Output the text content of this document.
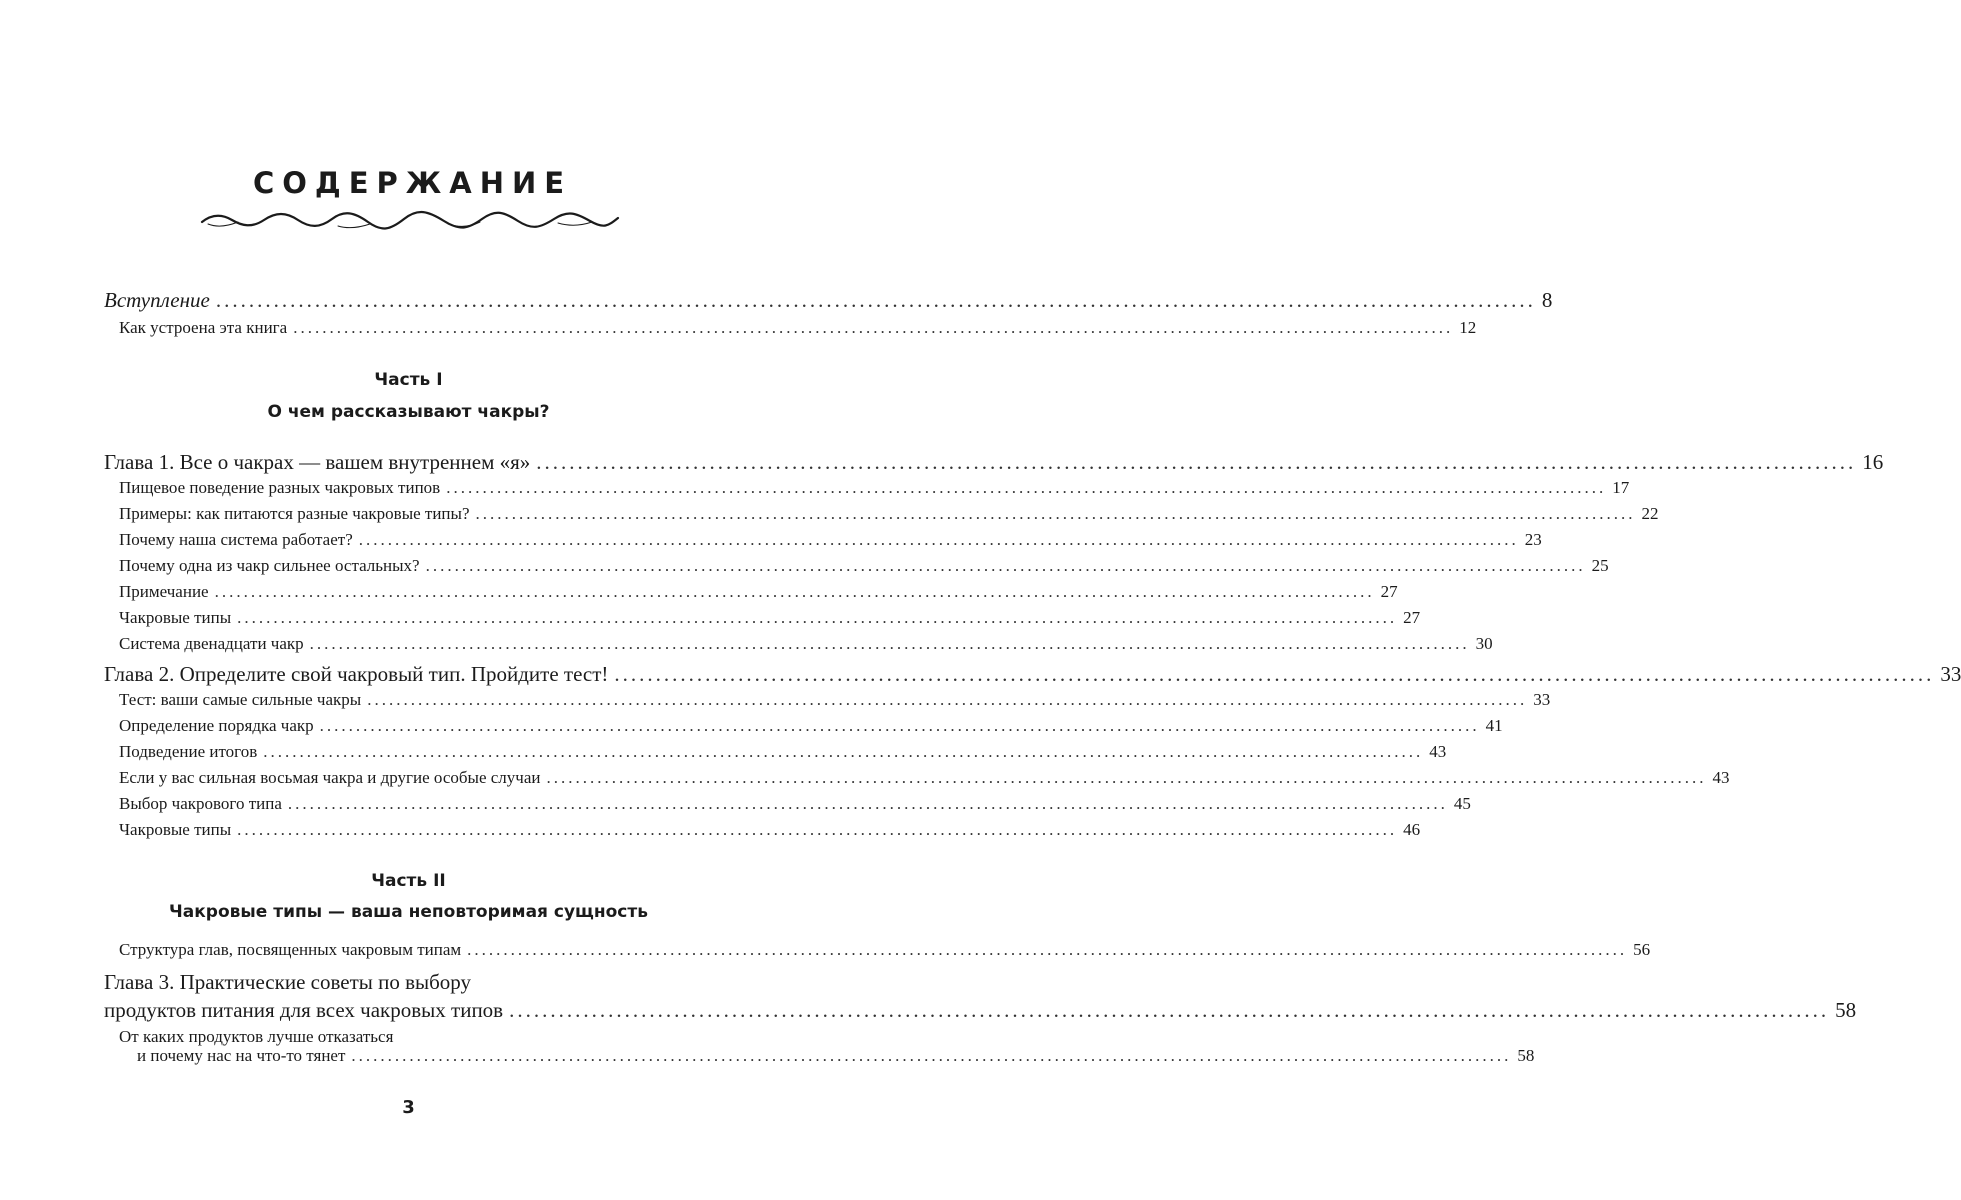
СОДЕРЖАНИЕ
Вступление ................................................................................................................................................................ 8
Как устроена эта книга ................................................................................................................................................................ 12
Часть I
О чем рассказывают чакры?
Глава 1. Все о чакрах — вашем внутреннем «я» ................................................................................................................................................................ 16
Пищевое поведение разных чакровых типов ................................................................................................................................................................ 17
Примеры: как питаются разные чакровые типы? ................................................................................................................................................................ 22
Почему наша система работает? ................................................................................................................................................................ 23
Почему одна из чакр сильнее остальных? ................................................................................................................................................................ 25
Примечание ................................................................................................................................................................ 27
Чакровые типы ................................................................................................................................................................ 27
Система двенадцати чакр ................................................................................................................................................................ 30
Глава 2. Определите свой чакровый тип. Пройдите тест! ................................................................................................................................................................ 33
Тест: ваши самые сильные чакры ................................................................................................................................................................ 33
Определение порядка чакр ................................................................................................................................................................ 41
Подведение итогов ................................................................................................................................................................ 43
Если у вас сильная восьмая чакра и другие особые случаи ................................................................................................................................................................ 43
Выбор чакрового типа ................................................................................................................................................................ 45
Чакровые типы ................................................................................................................................................................ 46
Часть II
Чакровые типы — ваша неповторимая сущность
Структура глав, посвященных чакровым типам ................................................................................................................................................................ 56
Глава 3. Практические советы по выбору
продуктов питания для всех чакровых типов ................................................................................................................................................................ 58
От каких продуктов лучше отказаться
и почему нас на что-то тянет ................................................................................................................................................................ 58
3
